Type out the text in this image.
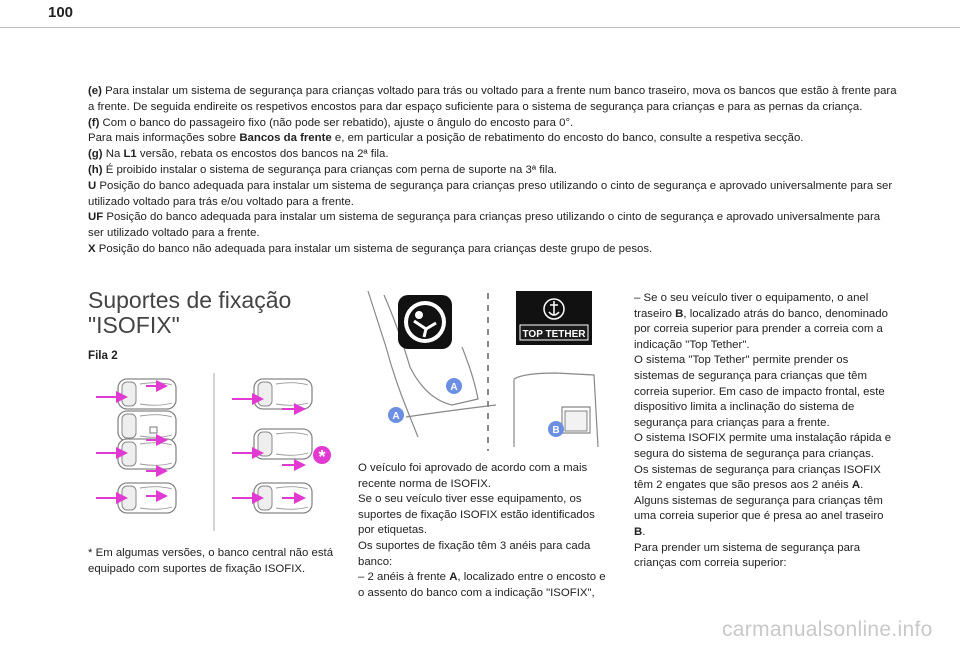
100

(e) Para instalar um sistema de segurança para crianças voltado para trás ou voltado para a frente num banco traseiro, mova os bancos que estão à frente para a frente. De seguida endireite os respetivos encostos para dar espaço suficiente para o sistema de segurança para crianças e para as pernas da criança.

(f) Com o banco do passageiro fixo (não pode ser rebatido), ajuste o ângulo do encosto para 0°.

Para mais informações sobre Bancos da frente e, em particular a posição de rebatimento do encosto do banco, consulte a respetiva secção.

(g) Na L1 versão, rebata os encostos dos bancos na 2ª fila.

(h) É proibido instalar o sistema de segurança para crianças com perna de suporte na 3ª fila.

U Posição do banco adequada para instalar um sistema de segurança para crianças preso utilizando o cinto de segurança e aprovado universalmente para ser utilizado voltado para trás e/ou voltado para a frente.

UF Posição do banco adequada para instalar um sistema de segurança para crianças preso utilizando o cinto de segurança e aprovado universalmente para ser utilizado voltado para a frente.

X Posição do banco não adequada para instalar um sistema de segurança para crianças deste grupo de pesos.

Suportes de fixação "ISOFIX"
Fila 2
*
* Em algumas versões, o banco central não está equipado com suportes de fixação ISOFIX.
TOP TETHER
A
A
B

O veículo foi aprovado de acordo com a mais recente norma de ISOFIX.

Se o seu veículo tiver esse equipamento, os suportes de fixação ISOFIX estão identificados por etiquetas.

Os suportes de fixação têm 3 anéis para cada banco:

– 2 anéis à frente A, localizado entre o encosto e o assento do banco com a indicação "ISOFIX",

– Se o seu veículo tiver o equipamento, o anel traseiro B, localizado atrás do banco, denominado por correia superior para prender a correia com a indicação "Top Tether".

O sistema "Top Tether" permite prender os sistemas de segurança para crianças que têm correia superior. Em caso de impacto frontal, este dispositivo limita a inclinação do sistema de segurança para crianças para a frente.

O sistema ISOFIX permite uma instalação rápida e segura do sistema de segurança para crianças.

Os sistemas de segurança para crianças ISOFIX têm 2 engates que são presos aos 2 anéis A.

Alguns sistemas de segurança para crianças têm uma correia superior que é presa ao anel traseiro B.

Para prender um sistema de segurança para crianças com correia superior:

carmanualsonline.info
